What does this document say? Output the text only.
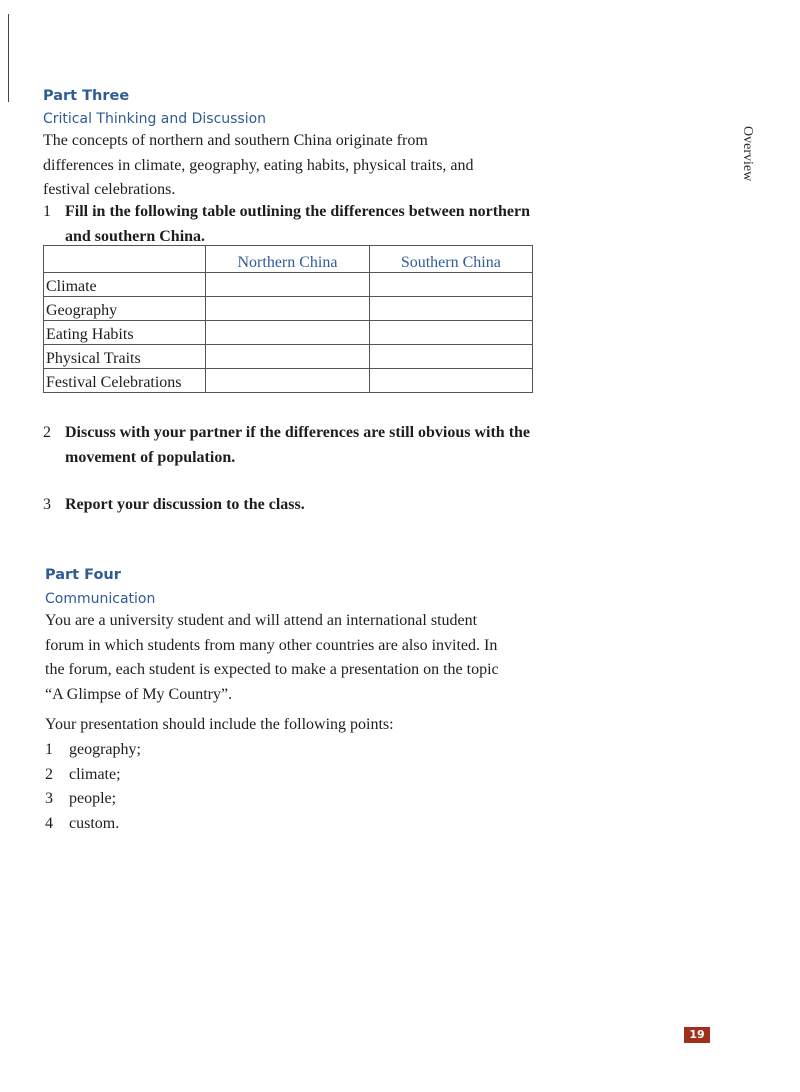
Overview
Part Three
Critical Thinking and Discussion
The concepts of northern and southern China originate from
differences in climate, geography, eating habits, physical traits, and
festival celebrations.
1 Fill in the following table outlining the differences between northern
and southern China.
	Northern China	Southern China
Climate		
Geography		
Eating Habits		
Physical Traits		
Festival Celebrations		
2 Discuss with your partner if the differences are still obvious with the
movement of population.
3 Report your discussion to the class.
Part Four
Communication
You are a university student and will attend an international student
forum in which students from many other countries are also invited. In
the forum, each student is expected to make a presentation on the topic
“A Glimpse of My Country”.
Your presentation should include the following points:
1 geography;
2 climate;
3 people;
4 custom.
19
